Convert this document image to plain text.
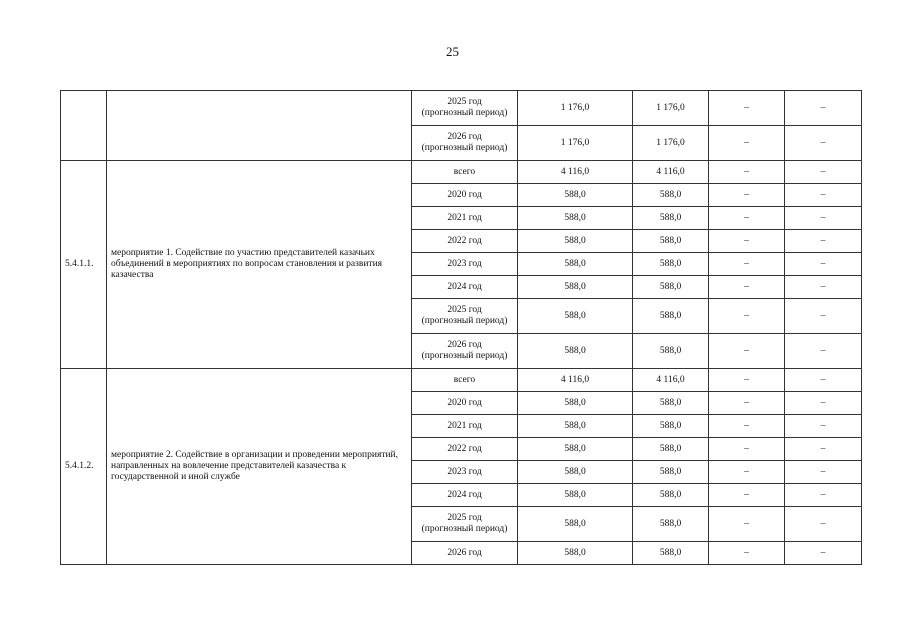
25

		2025 год
(прогнозный период)	1 176,0	1 176,0	–	–

		2026 год
(прогнозный период)	1 176,0	1 176,0	–	–
5.4.1.1.	мероприятие 1. Содействие по участию представителей казачьих объединений в мероприятиях по вопросам становления и развития казачества	всего	4 116,0	4 116,0	–	–

		2020 год	588,0	588,0	–	–

		2021 год	588,0	588,0	–	–

		2022 год	588,0	588,0	–	–

		2023 год	588,0	588,0	–	–

		2024 год	588,0	588,0	–	–

		2025 год
(прогнозный период)	588,0	588,0	–	–

		2026 год
(прогнозный период)	588,0	588,0	–	–
5.4.1.2.	мероприятие 2. Содействие в организации и проведении мероприятий, направленных на вовлечение представителей казачества к государственной и иной службе	всего	4 116,0	4 116,0	–	–

		2020 год	588,0	588,0	–	–

		2021 год	588,0	588,0	–	–

		2022 год	588,0	588,0	–	–

		2023 год	588,0	588,0	–	–

		2024 год	588,0	588,0	–	–

		2025 год
(прогнозный период)	588,0	588,0	–	–

		2026 год	588,0	588,0	–	–
